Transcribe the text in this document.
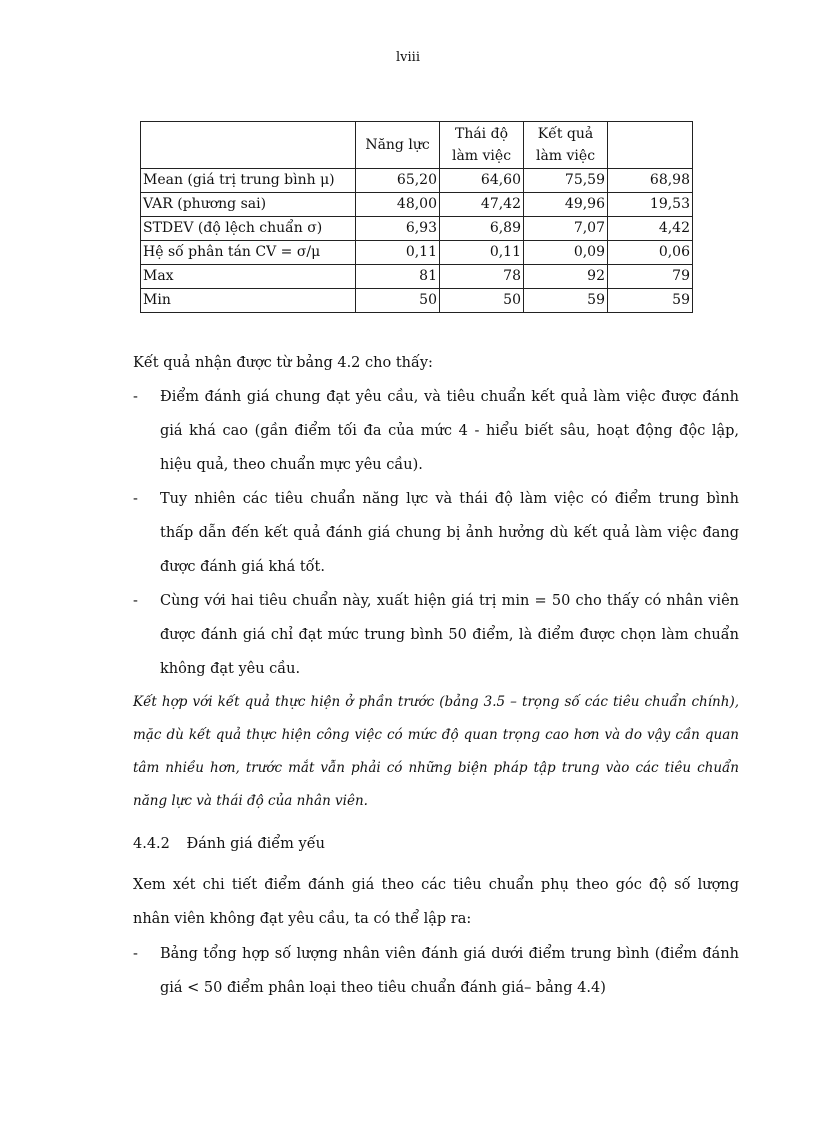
lviii
	Năng lực	Thái độ làm việc	Kết quả làm việc	
Mean (giá trị trung bình μ)	65,20	64,60	75,59	68,98
VAR (phương sai)	48,00	47,42	49,96	19,53
STDEV (độ lệch chuẩn σ)	6,93	6,89	7,07	4,42
Hệ số phân tán CV = σ/μ	0,11	0,11	0,09	0,06
Max	81	78	92	79
Min	50	50	59	59
Kết quả nhận được từ bảng 4.2 cho thấy:
- Điểm đánh giá chung đạt yêu cầu, và tiêu chuẩn kết quả làm việc được đánh giá khá cao (gần điểm tối đa của mức 4 - hiểu biết sâu, hoạt động độc lập, hiệu quả, theo chuẩn mực yêu cầu).
- Tuy nhiên các tiêu chuẩn năng lực và thái độ làm việc có điểm trung bình thấp dẫn đến kết quả đánh giá chung bị ảnh hưởng dù kết quả làm việc đang được đánh giá khá tốt.
- Cùng với hai tiêu chuẩn này, xuất hiện giá trị min = 50 cho thấy có nhân viên được đánh giá chỉ đạt mức trung bình 50 điểm, là điểm được chọn làm chuẩn không đạt yêu cầu.
Kết hợp với kết quả thực hiện ở phần trước (bảng 3.5 – trọng số các tiêu chuẩn chính), mặc dù kết quả thực hiện công việc có mức độ quan trọng cao hơn và do vậy cần quan tâm nhiều hơn, trước mắt vẫn phải có những biện pháp tập trung vào các tiêu chuẩn năng lực và thái độ của nhân viên.
4.4.2 Đánh giá điểm yếu
Xem xét chi tiết điểm đánh giá theo các tiêu chuẩn phụ theo góc độ số lượng nhân viên không đạt yêu cầu, ta có thể lập ra:
- Bảng tổng hợp số lượng nhân viên đánh giá dưới điểm trung bình (điểm đánh giá < 50 điểm phân loại theo tiêu chuẩn đánh giá– bảng 4.4)
